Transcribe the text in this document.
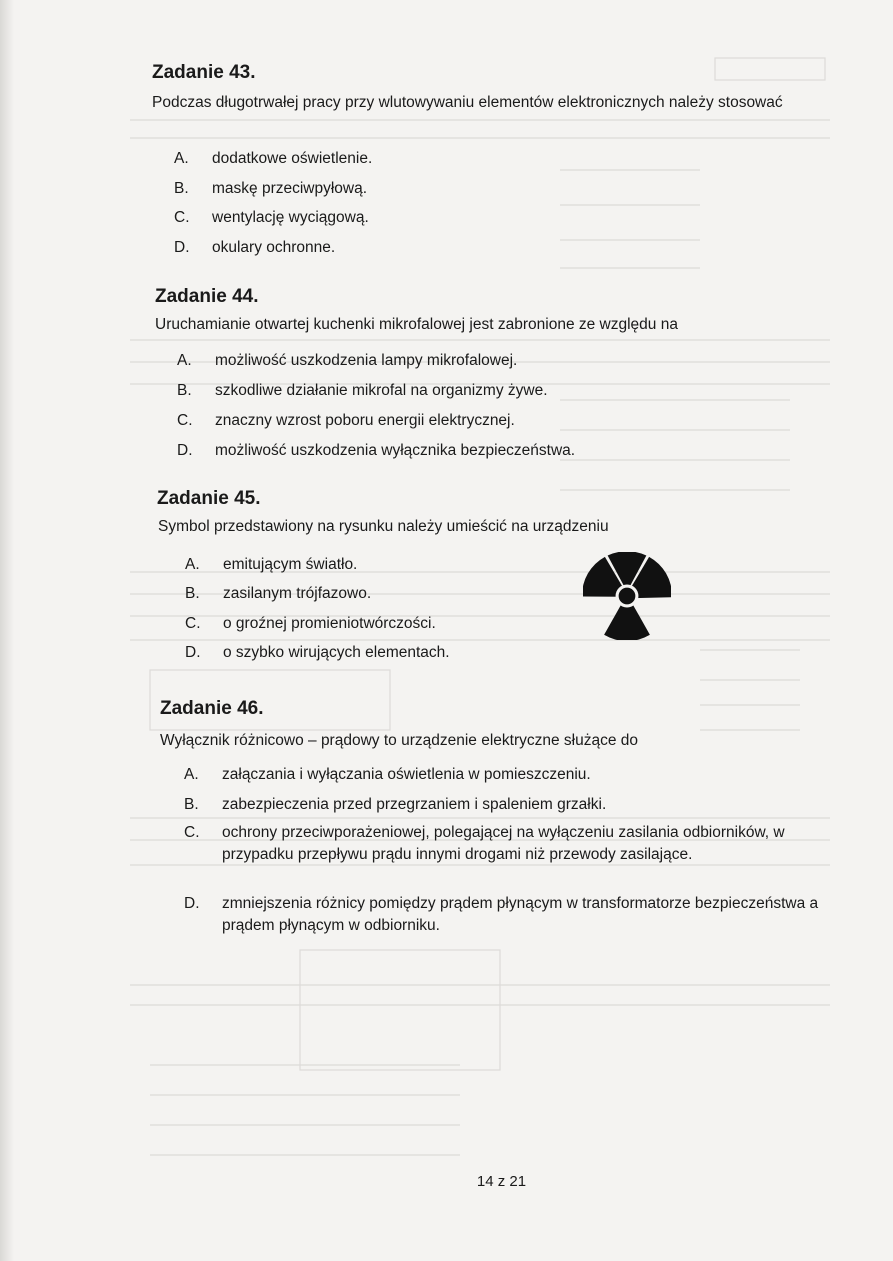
Zadanie 43.
Podczas długotrwałej pracy przy wlutowywaniu elementów elektronicznych należy stosować
A.	dodatkowe oświetlenie.
B.	maskę przeciwpyłową.
C.	wentylację wyciągową.
D.	okulary ochronne.
Zadanie 44.
Uruchamianie otwartej kuchenki mikrofalowej jest zabronione ze względu na
A.	możliwość uszkodzenia lampy mikrofalowej.
B.	szkodliwe działanie mikrofal na organizmy żywe.
C.	znaczny wzrost poboru energii elektrycznej.
D.	możliwość uszkodzenia wyłącznika bezpieczeństwa.
Zadanie 45.
Symbol przedstawiony na rysunku należy umieścić na urządzeniu
A.	emitującym światło.
B.	zasilanym trójfazowo.
C.	o groźnej promieniotwórczości.
D.	o szybko wirujących elementach.
Zadanie 46.
Wyłącznik różnicowo – prądowy to urządzenie elektryczne służące do
A.	załączania i wyłączania oświetlenia w pomieszczeniu.
B.	zabezpieczenia przed przegrzaniem i spaleniem grzałki.
C.	ochrony przeciwporażeniowej, polegającej na wyłączeniu zasilania odbiorników, w przypadku przepływu prądu innymi drogami niż przewody zasilające.
D.	zmniejszenia różnicy pomiędzy prądem płynącym w transformatorze bezpieczeństwa a prądem płynącym w odbiorniku.
14 z 21
